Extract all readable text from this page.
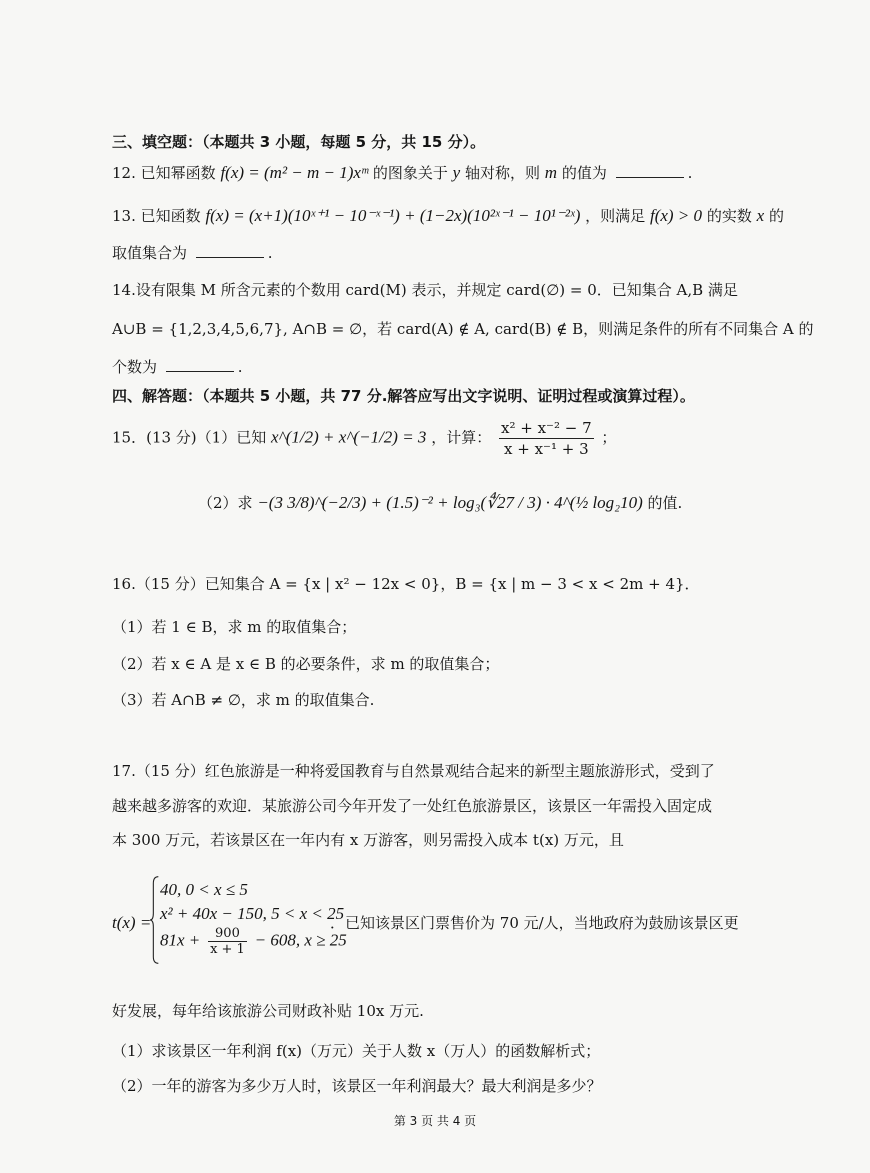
三、填空题：（本题共 3 小题，每题 5 分，共 15 分）。
12. 已知幂函数 f(x) = (m² − m − 1)xᵐ 的图象关于 y 轴对称，则 m 的值为	.
13. 已知函数 f(x) = (x+1)(10ˣ⁺¹ − 10⁻ˣ⁻¹) + (1−2x)(10²ˣ⁻¹ − 10¹⁻²ˣ) ，则满足 f(x) > 0 的实数 x 的
取值集合为	.
14.设有限集 M 所含元素的个数用 card(M) 表示，并规定 card(∅) = 0．已知集合 A,B 满足
A∪B = {1,2,3,4,5,6,7}, A∩B = ∅，若 card(A) ∉ A, card(B) ∉ B，则满足条件的所有不同集合 A 的
个数为	.
四、解答题：（本题共 5 小题，共 77 分.解答应写出文字说明、证明过程或演算过程）。
15．(13 分)（1）已知 x^(1/2) + x^(−1/2) = 3 ，计算： $\frac{\text{x² + x⁻² − 7}}{\text{x + x⁻¹ + 3}}$ ；
（2）求 −(3 3/8)^(−2/3) + (1.5)⁻² + log₃(∜27 / 3) · 4^(½ log₂10) 的值.
16.（15 分）已知集合 A = {x | x² − 12x < 0}，B = {x | m − 3 < x < 2m + 4}．
（1）若 1 ∈ B，求 m 的取值集合；
（2）若 x ∈ A 是 x ∈ B 的必要条件，求 m 的取值集合；
（3）若 A∩B ≠ ∅，求 m 的取值集合.
17.（15 分）红色旅游是一种将爱国教育与自然景观结合起来的新型主题旅游形式，受到了
越来越多游客的欢迎．某旅游公司今年开发了一处红色旅游景区，该景区一年需投入固定成
本 300 万元，若该景区在一年内有 x 万游客，则另需投入成本 t(x) 万元，且
t(x) =
40, 0 < x ≤ 5
x² + 40x − 150, 5 < x < 25
$81x + \frac{900}{x + 1} - 608$, x ≥ 25
．已知该景区门票售价为 70 元/人，当地政府为鼓励该景区更
好发展，每年给该旅游公司财政补贴 10x 万元.
（1）求该景区一年利润 f(x)（万元）关于人数 x（万人）的函数解析式；
（2）一年的游客为多少万人时，该景区一年利润最大？最大利润是多少？
第 3 页 共 4 页
